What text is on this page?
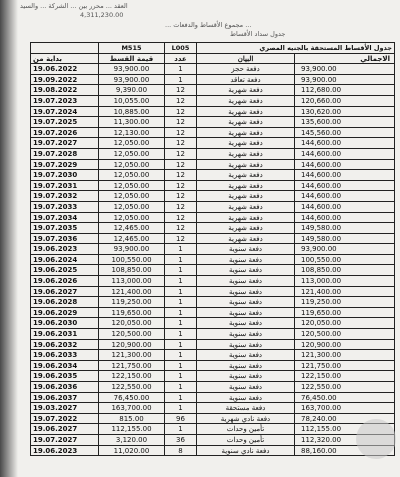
العقد ... محرر بين ... الشركة ... والسيد
4,311,230.00
... مجموع الأقساط والدفعات ...
جدول سداد الأقساط
M515	L005	جدول الأقساط المستحقة بالجنيه المصري
بداية من	قيمة القسط	عدد	البيان	الاجمالي
19.06.2022	93,900.00	1	دفعة حجز	93,900.00
19.09.2022	93,900.00	1	دفعة تعاقد	93,900.00
19.08.2022	9,390.00	12	دفعة شهرية	112,680.00
19.07.2023	10,055.00	12	دفعة شهرية	120,660.00
19.07.2024	10,885.00	12	دفعة شهرية	130,620.00
19.07.2025	11,300.00	12	دفعة شهرية	135,600.00
19.07.2026	12,130.00	12	دفعة شهرية	145,560.00
19.07.2027	12,050.00	12	دفعة شهرية	144,600.00
19.07.2028	12,050.00	12	دفعة شهرية	144,600.00
19.07.2029	12,050.00	12	دفعة شهرية	144,600.00
19.07.2030	12,050.00	12	دفعة شهرية	144,600.00
19.07.2031	12,050.00	12	دفعة شهرية	144,600.00
19.07.2032	12,050.00	12	دفعة شهرية	144,600.00
19.07.2033	12,050.00	12	دفعة شهرية	144,600.00
19.07.2034	12,050.00	12	دفعة شهرية	144,600.00
19.07.2035	12,465.00	12	دفعة شهرية	149,580.00
19.07.2036	12,465.00	12	دفعة شهرية	149,580.00
19.06.2023	93,900.00	1	دفعة سنوية	93,900.00
19.06.2024	100,550.00	1	دفعة سنوية	100,550.00
19.06.2025	108,850.00	1	دفعة سنوية	108,850.00
19.06.2026	113,000.00	1	دفعة سنوية	113,000.00
19.06.2027	121,400.00	1	دفعة سنوية	121,400.00
19.06.2028	119,250.00	1	دفعة سنوية	119,250.00
19.06.2029	119,650.00	1	دفعة سنوية	119,650.00
19.06.2030	120,050.00	1	دفعة سنوية	120,050.00
19.06.2031	120,500.00	1	دفعة سنوية	120,500.00
19.06.2032	120,900.00	1	دفعة سنوية	120,900.00
19.06.2033	121,300.00	1	دفعة سنوية	121,300.00
19.06.2034	121,750.00	1	دفعة سنوية	121,750.00
19.06.2035	122,150.00	1	دفعة سنوية	122,150.00
19.06.2036	122,550.00	1	دفعة سنوية	122,550.00
19.06.2037	76,450.00	1	دفعة سنوية	76,450.00
19.03.2027	163,700.00	1	دفعة مستحقة	163,700.00
19.07.2022	815.00	96	دفعة نادي شهرية	78,240.00
19.06.2027	112,155.00	1	تأمين وحدات	112,155.00
19.07.2027	3,120.00	36	تأمين وحدات	112,320.00
19.06.2023	11,020.00	8	دفعة نادي سنوية	88,160.00
